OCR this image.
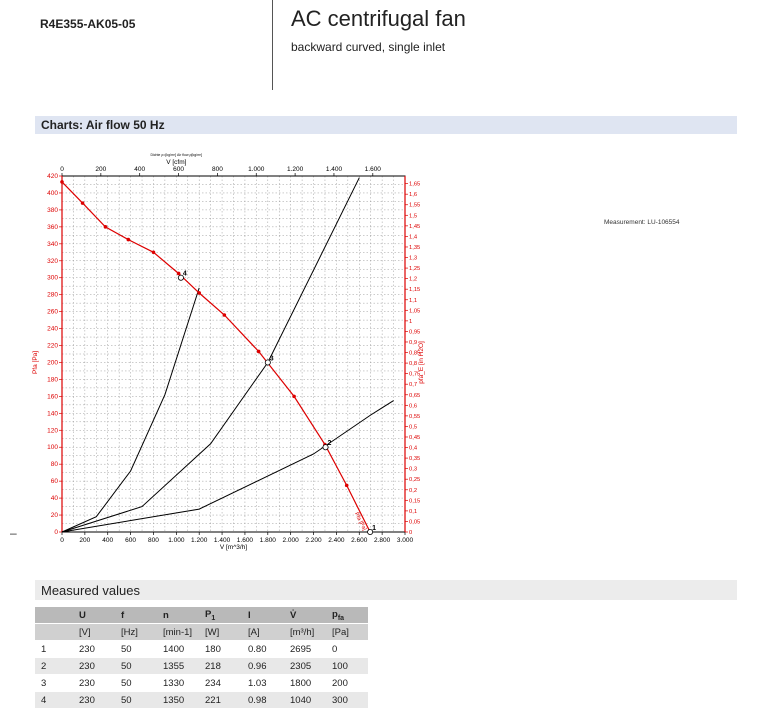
R4E355-AK05-05	AC centrifugal fan
backward curved, single inlet
Charts: Air flow 50 Hz
Measurement: LU-106554
–
0 200 400 600 800 1.000 1.200 1.400 1.600 1.800 2.000 2.200 2.400 2.600 2.800 3.000
V [m^3/h]
0	200	400	600	800	1.000	1.200	1.400	1.600
V [cfm]
Dichte ρ=[kg/m³] Air flow ρ[kg/m³]
0
20
40
60
80
100
120
140
160
180
200
220
240
260
280
300
320
340
360
380
400
420
Pfa [Pa]
0
0,05
0,1
0,15
0,2
0,25
0,3
0,35
0,4
0,45
0,5
0,55
0,6
0,65
0,7
0,75
0,8
0,85
0,9
0,95
1
1,05
1,1
1,15
1,2
1,25
1,3
1,35
1,4
1,45
1,5
1,55
1,6
1,65
pfa_E [in H2O]
Pfa [Pa] 1
2
3
4
Measured values
	U	f	n	$P_1$	I	V̇	$p_{fa}$
	[V]	[Hz]	[min-1]	[W]	[A]	[m³/h]	[Pa]
1	230	50	1400	180	0.80	2695	0
2	230	50	1355	218	0.96	2305	100
3	230	50	1330	234	1.03	1800	200
4	230	50	1350	221	0.98	1040	300
